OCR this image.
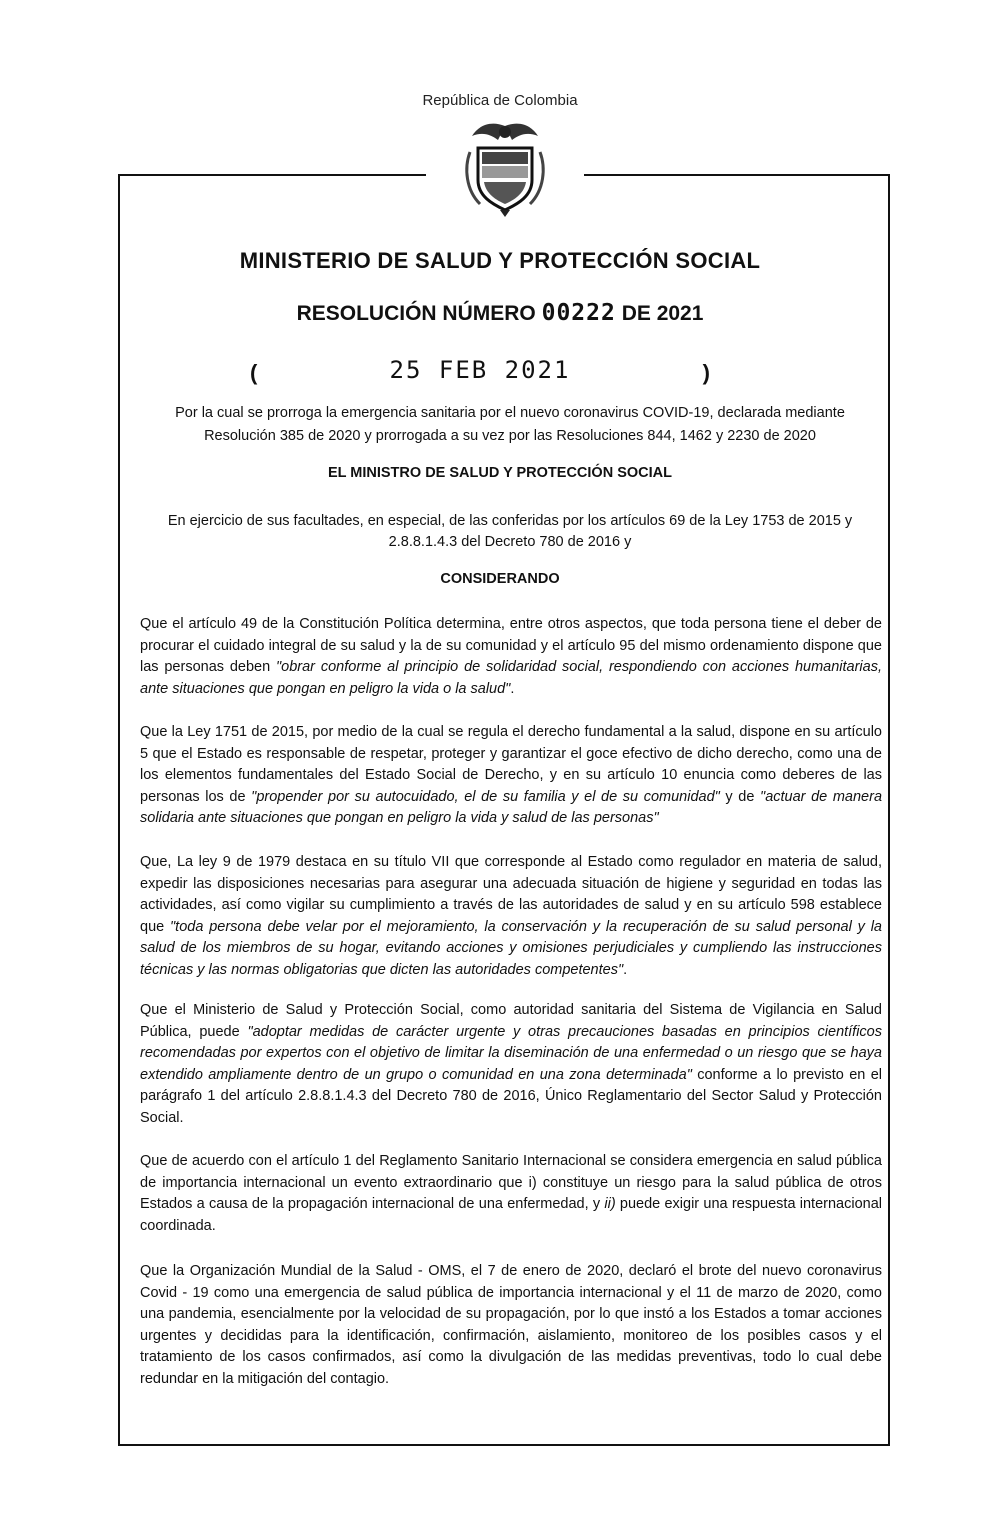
República de Colombia
MINISTERIO DE SALUD Y PROTECCIÓN SOCIAL
RESOLUCIÓN NÚMERO 00222 DE 2021
(	25 FEB 2021	)
Por la cual se prorroga la emergencia sanitaria por el nuevo coronavirus COVID-19, declarada mediante Resolución 385 de 2020 y prorrogada a su vez por las Resoluciones 844, 1462 y 2230 de 2020
EL MINISTRO DE SALUD Y PROTECCIÓN SOCIAL
En ejercicio de sus facultades, en especial, de las conferidas por los artículos 69 de la Ley 1753 de 2015 y 2.8.8.1.4.3 del Decreto 780 de 2016 y
CONSIDERANDO

Que el artículo 49 de la Constitución Política determina, entre otros aspectos, que toda persona tiene el deber de procurar el cuidado integral de su salud y la de su comunidad y el artículo 95 del mismo ordenamiento dispone que las personas deben "obrar conforme al principio de solidaridad social, respondiendo con acciones humanitarias, ante situaciones que pongan en peligro la vida o la salud".

Que la Ley 1751 de 2015, por medio de la cual se regula el derecho fundamental a la salud, dispone en su artículo 5 que el Estado es responsable de respetar, proteger y garantizar el goce efectivo de dicho derecho, como una de los elementos fundamentales del Estado Social de Derecho, y en su artículo 10 enuncia como deberes de las personas los de "propender por su autocuidado, el de su familia y el de su comunidad" y de "actuar de manera solidaria ante situaciones que pongan en peligro la vida y salud de las personas"

Que, La ley 9 de 1979 destaca en su título VII que corresponde al Estado como regulador en materia de salud, expedir las disposiciones necesarias para asegurar una adecuada situación de higiene y seguridad en todas las actividades, así como vigilar su cumplimiento a través de las autoridades de salud y en su artículo 598 establece que "toda persona debe velar por el mejoramiento, la conservación y la recuperación de su salud personal y la salud de los miembros de su hogar, evitando acciones y omisiones perjudiciales y cumpliendo las instrucciones técnicas y las normas obligatorias que dicten las autoridades competentes".

Que el Ministerio de Salud y Protección Social, como autoridad sanitaria del Sistema de Vigilancia en Salud Pública, puede "adoptar medidas de carácter urgente y otras precauciones basadas en principios científicos recomendadas por expertos con el objetivo de limitar la diseminación de una enfermedad o un riesgo que se haya extendido ampliamente dentro de un grupo o comunidad en una zona determinada" conforme a lo previsto en el parágrafo 1 del artículo 2.8.8.1.4.3 del Decreto 780 de 2016, Único Reglamentario del Sector Salud y Protección Social.

Que de acuerdo con el artículo 1 del Reglamento Sanitario Internacional se considera emergencia en salud pública de importancia internacional un evento extraordinario que i) constituye un riesgo para la salud pública de otros Estados a causa de la propagación internacional de una enfermedad, y ii) puede exigir una respuesta internacional coordinada.

Que la Organización Mundial de la Salud - OMS, el 7 de enero de 2020, declaró el brote del nuevo coronavirus Covid - 19 como una emergencia de salud pública de importancia internacional y el 11 de marzo de 2020, como una pandemia, esencialmente por la velocidad de su propagación, por lo que instó a los Estados a tomar acciones urgentes y decididas para la identificación, confirmación, aislamiento, monitoreo de los posibles casos y el tratamiento de los casos confirmados, así como la divulgación de las medidas preventivas, todo lo cual debe redundar en la mitigación del contagio.
